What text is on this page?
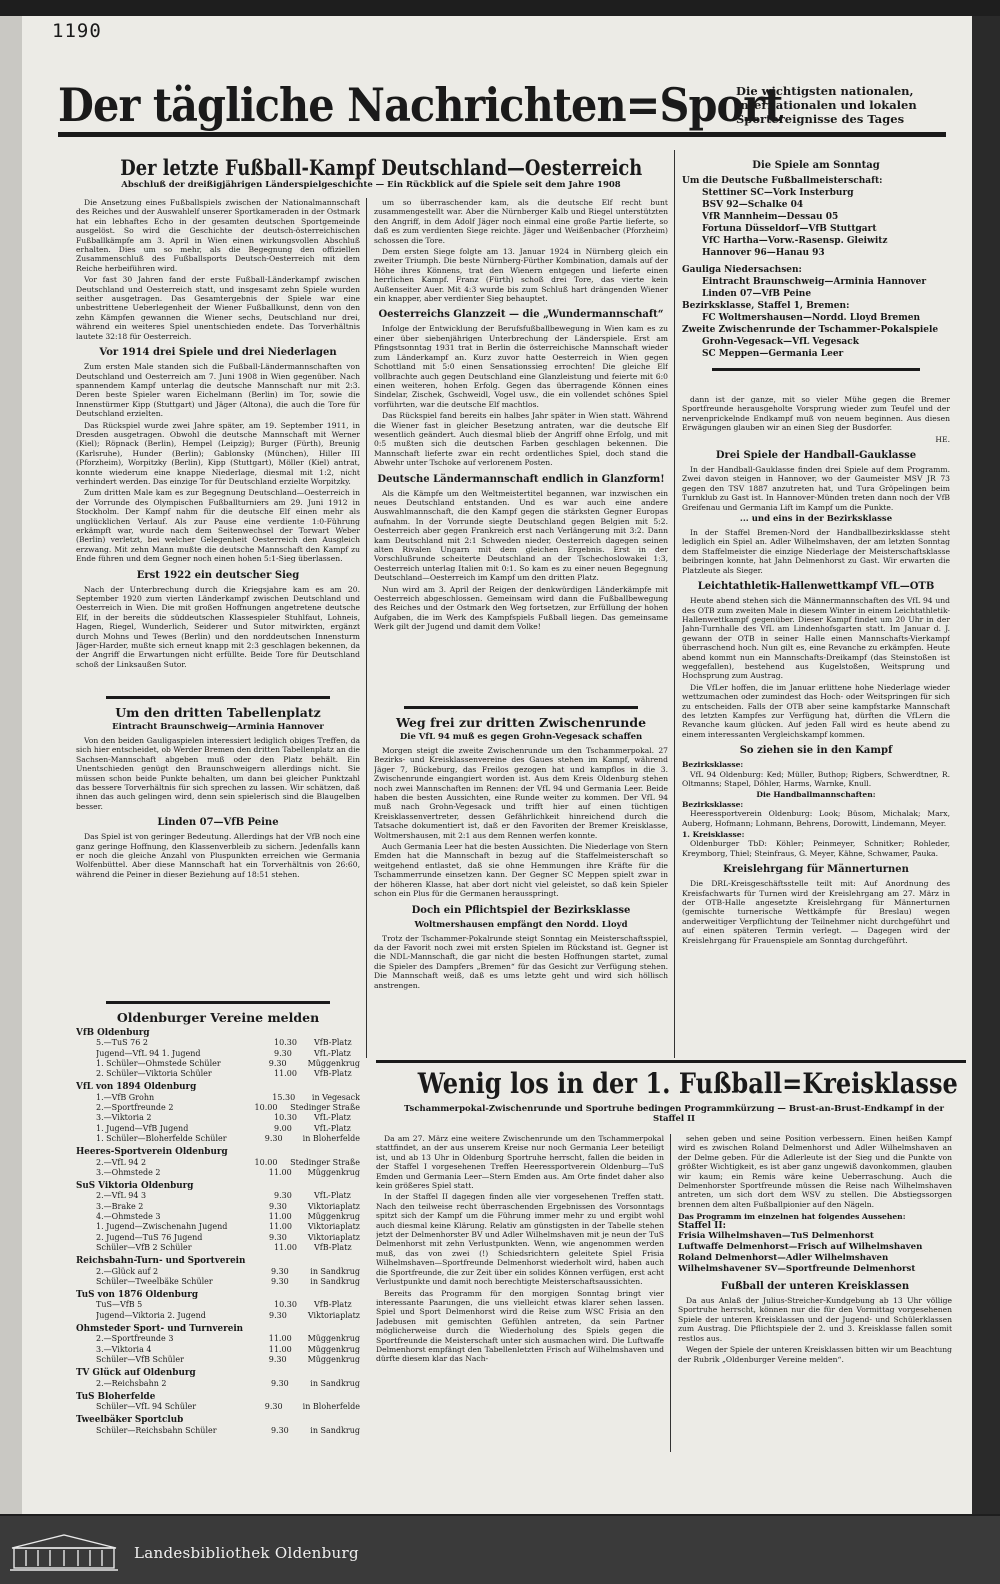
1190
Der tägliche Nachrichten=Sport
Die wichtigsten nationalen, internationalen und lokalen Sportereignisse des Tages
Der letzte Fußball-Kampf Deutschland—Oesterreich
Abschluß der dreißigjährigen Länderspielgeschichte — Ein Rückblick auf die Spiele seit dem Jahre 1908

Die Ansetzung eines Fußballspiels zwischen der Nationalmannschaft des Reiches und der Auswahlelf unserer Sportkameraden in der Ostmark hat ein lebhaftes Echo in der gesamten deutschen Sportgemeinde ausgelöst. So wird die Geschichte der deutsch-österreichischen Fußballkämpfe am 3. April in Wien einen wirkungsvollen Abschluß erhalten. Dies um so mehr, als die Begegnung den offiziellen Zusammenschluß des Fußballsports Deutsch-Oesterreich mit dem Reiche herbeiführen wird.

Vor fast 30 Jahren fand der erste Fußball-Länderkampf zwischen Deutschland und Oesterreich statt, und insgesamt zehn Spiele wurden seither ausgetragen. Das Gesamtergebnis der Spiele war eine unbestrittene Ueberlegenheit der Wiener Fußballkunst, denn von den zehn Kämpfen gewannen die Wiener sechs, Deutschland nur drei, während ein weiteres Spiel unentschieden endete. Das Torverhältnis lautete 32:18 für Oesterreich.

Vor 1914 drei Spiele und drei Niederlagen

Zum ersten Male standen sich die Fußball-Ländermannschaften von Deutschland und Oesterreich am 7. Juni 1908 in Wien gegenüber. Nach spannendem Kampf unterlag die deutsche Mannschaft nur mit 2:3. Deren beste Spieler waren Eichelmann (Berlin) im Tor, sowie die Innenstürmer Kipp (Stuttgart) und Jäger (Altona), die auch die Tore für Deutschland erzielten.

Das Rückspiel wurde zwei Jahre später, am 19. September 1911, in Dresden ausgetragen. Obwohl die deutsche Mannschaft mit Werner (Kiel); Röpnack (Berlin), Hempel (Leipzig); Burger (Fürth), Breunig (Karlsruhe), Hunder (Berlin); Gablonsky (München), Hiller III (Pforzheim), Worpitzky (Berlin), Kipp (Stuttgart), Möller (Kiel) antrat, konnte wiederum eine knappe Niederlage, diesmal mit 1:2, nicht verhindert werden. Das einzige Tor für Deutschland erzielte Worpitzky.

Zum dritten Male kam es zur Begegnung Deutschland—Oesterreich in der Vorrunde des Olympischen Fußballturniers am 29. Juni 1912 in Stockholm. Der Kampf nahm für die deutsche Elf einen mehr als unglücklichen Verlauf. Als zur Pause eine verdiente 1:0-Führung erkämpft war, wurde nach dem Seitenwechsel der Torwart Weber (Berlin) verletzt, bei welcher Gelegenheit Oesterreich den Ausgleich erzwang. Mit zehn Mann mußte die deutsche Mannschaft den Kampf zu Ende führen und dem Gegner noch einen hohen 5:1-Sieg überlassen.

Erst 1922 ein deutscher Sieg

Nach der Unterbrechung durch die Kriegsjahre kam es am 20. September 1920 zum vierten Länderkampf zwischen Deutschland und Oesterreich in Wien. Die mit großen Hoffnungen angetretene deutsche Elf, in der bereits die süddeutschen Klassespieler Stuhlfaut, Lohneis, Hagen, Riegel, Wunderlich, Seiderer und Sutor mitwirkten, ergänzt durch Mohns und Tewes (Berlin) und den norddeutschen Innensturm Jäger-Harder, mußte sich erneut knapp mit 2:3 geschlagen bekennen, da der Angriff die Erwartungen nicht erfüllte. Beide Tore für Deutschland schoß der Linksaußen Sutor.

Um den dritten Tabellenplatz
Eintracht Braunschweig—Arminia Hannover

Von den beiden Gauligaspielen interessiert lediglich obiges Treffen, da sich hier entscheidet, ob Werder Bremen den dritten Tabellenplatz an die Sachsen-Mannschaft abgeben muß oder den Platz behält. Ein Unentschieden genügt den Braunschweigern allerdings nicht. Sie müssen schon beide Punkte behalten, um dann bei gleicher Punktzahl das bessere Torverhältnis für sich sprechen zu lassen. Wir schätzen, daß ihnen das auch gelingen wird, denn sein spielerisch sind die Blaugelben besser.

Linden 07—VfB Peine

Das Spiel ist von geringer Bedeutung. Allerdings hat der VfB noch eine ganz geringe Hoffnung, den Klassenverbleib zu sichern. Jedenfalls kann er noch die gleiche Anzahl von Pluspunkten erreichen wie Germania Wolfenbüttel. Aber diese Mannschaft hat ein Torverhältnis von 26:60, während die Peiner in dieser Beziehung auf 18:51 stehen.

Oldenburger Vereine melden
VfB Oldenburg
5.—TuS 76 2	10.30	VfB-Platz
Jugend—VfL 94 1. Jugend	9.30	VfL-Platz
1. Schüler—Ohmstede Schüler	9.30	Müggenkrug
2. Schüler—Viktoria Schüler	11.00	VfB-Platz
VfL von 1894 Oldenburg
1.—VfB Grohn	15.30	in Vegesack
2.—Sportfreunde 2	10.00	Stedinger Straße
3.—Viktoria 2	10.30	VfL-Platz
1. Jugend—VfB Jugend	9.00	VfL-Platz
1. Schüler—Bloherfelde Schüler	9.30	in Bloherfelde
Heeres-Sportverein Oldenburg
2.—VfL 94 2	10.00	Stedinger Straße
3.—Ohmstede 2	11.00	Müggenkrug
SuS Viktoria Oldenburg
2.—VfL 94 3	9.30	VfL-Platz
3.—Brake 2	9.30	Viktoriaplatz
4.—Ohmstede 3	11.00	Müggenkrug
1. Jugend—Zwischenahn Jugend	11.00	Viktoriaplatz
2. Jugend—TuS 76 Jugend	9.30	Viktoriaplatz
Schüler—VfB 2 Schüler	11.00	VfB-Platz
Reichsbahn-Turn- und Sportverein
2.—Glück auf 2	9.30	in Sandkrug
Schüler—Tweelbäke Schüler	9.30	in Sandkrug
TuS von 1876 Oldenburg
TuS—VfB 5	10.30	VfB-Platz
Jugend—Viktoria 2. Jugend	9.30	Viktoriaplatz
Ohmsteder Sport- und Turnverein
2.—Sportfreunde 3	11.00	Müggenkrug
3.—Viktoria 4	11.00	Müggenkrug
Schüler—VfB Schüler	9.30	Müggenkrug
TV Glück auf Oldenburg
2.—Reichsbahn 2	9.30	in Sandkrug
TuS Bloherfelde
Schüler—VfL 94 Schüler	9.30	in Bloherfelde
Tweelbäker Sportclub
Schüler—Reichsbahn Schüler	9.30	in Sandkrug

um so überraschender kam, als die deutsche Elf recht bunt zusammengestellt war. Aber die Nürnberger Kalb und Riegel unterstützten den Angriff, in dem Adolf Jäger noch einmal eine große Partie lieferte, so daß es zum verdienten Siege reichte. Jäger und Weißenbacher (Pforzheim) schossen die Tore.

Dem ersten Siege folgte am 13. Januar 1924 in Nürnberg gleich ein zweiter Triumph. Die beste Nürnberg-Fürther Kombination, damals auf der Höhe ihres Könnens, trat den Wienern entgegen und lieferte einen herrlichen Kampf. Franz (Fürth) schoß drei Tore, das vierte kein Außenseiter Auer. Mit 4:3 wurde bis zum Schluß hart drängenden Wiener ein knapper, aber verdienter Sieg behauptet.

Oesterreichs Glanzzeit — die „Wundermannschaft“

Infolge der Entwicklung der Berufsfußballbewegung in Wien kam es zu einer über siebenjährigen Unterbrechung der Länderspiele. Erst am Pfingstsonntag 1931 trat in Berlin die österreichische Mannschaft wieder zum Länderkampf an. Kurz zuvor hatte Oesterreich in Wien gegen Schottland mit 5:0 einen Sensationssieg errochten! Die gleiche Elf vollbrachte auch gegen Deutschland eine Glanzleistung und feierte mit 6:0 einen weiteren, hohen Erfolg. Gegen das überragende Können eines Sindelar, Zischek, Gschweidl, Vogel usw., die ein vollendet schönes Spiel vorführten, war die deutsche Elf machtlos.

Das Rückspiel fand bereits ein halbes Jahr später in Wien statt. Während die Wiener fast in gleicher Besetzung antraten, war die deutsche Elf wesentlich geändert. Auch diesmal blieb der Angriff ohne Erfolg, und mit 0:5 mußten sich die deutschen Farben geschlagen bekennen. Die Mannschaft lieferte zwar ein recht ordentliches Spiel, doch stand die Abwehr unter Tschoke auf verlorenem Posten.

Deutsche Ländermannschaft endlich in Glanzform!

Als die Kämpfe um den Weltmeistertitel begannen, war inzwischen ein neues Deutschland entstanden. Und es war auch eine andere Auswahlmannschaft, die den Kampf gegen die stärksten Gegner Europas aufnahm. In der Vorrunde siegte Deutschland gegen Belgien mit 5:2. Oesterreich aber gegen Frankreich erst nach Verlängerung mit 3:2. Dann kam Deutschland mit 2:1 Schweden nieder, Oesterreich dagegen seinen alten Rivalen Ungarn mit dem gleichen Ergebnis. Erst in der Vorschlußrunde scheiterte Deutschland an der Tschechoslowakei 1:3, Oesterreich unterlag Italien mit 0:1. So kam es zu einer neuen Begegnung Deutschland—Oesterreich im Kampf um den dritten Platz.

Nun wird am 3. April der Reigen der denkwürdigen Länderkämpfe mit Oesterreich abgeschlossen. Gemeinsam wird dann die Fußballbewegung des Reiches und der Ostmark den Weg fortsetzen, zur Erfüllung der hohen Aufgaben, die im Werk des Kampfspiels Fußball liegen. Das gemeinsame Werk gilt der Jugend und damit dem Volke!

Weg frei zur dritten Zwischenrunde
Die VfL 94 muß es gegen Grohn-Vegesack schaffen

Morgen steigt die zweite Zwischenrunde um den Tschammerpokal. 27 Bezirks- und Kreisklassenvereine des Gaues stehen im Kampf, während Jäger 7, Bückeburg, das Freilos gezogen hat und kampflos in die 3. Zwischenrunde eingangiert worden ist. Aus dem Kreis Oldenburg stehen noch zwei Mannschaften im Rennen: der VfL 94 und Germania Leer. Beide haben die besten Aussichten, eine Runde weiter zu kommen. Der VfL 94 muß nach Grohn-Vegesack und trifft hier auf einen tüchtigen Kreisklassenvertreter, dessen Gefährlichkeit hinreichend durch die Tatsache dokumentiert ist, daß er den Favoriten der Bremer Kreisklasse, Woltmershausen, mit 2:1 aus dem Rennen werfen konnte.

Auch Germania Leer hat die besten Aussichten. Die Niederlage von Stern Emden hat die Mannschaft in bezug auf die Staffelmeisterschaft so weitgehend entlastet, daß sie ohne Hemmungen ihre Kräfte für die Tschammerrunde einsetzen kann. Der Gegner SC Meppen spielt zwar in der höheren Klasse, hat aber dort nicht viel geleistet, so daß kein Spieler schon ein Plus für die Germanen herausspringt.

Doch ein Pflichtspiel der Bezirksklasse
Woltmershausen empfängt den Nordd. Lloyd

Trotz der Tschammer-Pokalrunde steigt Sonntag ein Meisterschaftsspiel, da der Favorit noch zwei mit ersten Spielen im Rückstand ist. Gegner ist die NDL-Mannschaft, die gar nicht die besten Hoffnungen startet, zumal die Spieler des Dampfers „Bremen“ für das Gesicht zur Verfügung stehen. Die Mannschaft weiß, daß es ums letzte geht und wird sich höllisch anstrengen.

Die Spiele am Sonntag
Um die Deutsche Fußballmeisterschaft:
Stettiner SC—Vork Insterburg
BSV 92—Schalke 04
VfR Mannheim—Dessau 05
Fortuna Düsseldorf—VfB Stuttgart
VfC Hartha—Vorw.-Rasensp. Gleiwitz
Hannover 96—Hanau 93
Gauliga Niedersachsen:
Eintracht Braunschweig—Arminia Hannover
Linden 07—VfB Peine
Bezirksklasse, Staffel 1, Bremen:
FC Woltmershausen—Nordd. Lloyd Bremen
Zweite Zwischenrunde der Tschammer-Pokalspiele
Grohn-Vegesack—VfL Vegesack
SC Meppen—Germania Leer

dann ist der ganze, mit so vieler Mühe gegen die Bremer Sportfreunde herausgeholte Vorsprung wieder zum Teufel und der nervenprickelnde Endkampf muß von neuem beginnen. Aus diesen Erwägungen glauben wir an einen Sieg der Busdorfer.

HE.
Drei Spiele der Handball-Gauklasse

In der Handball-Gauklasse finden drei Spiele auf dem Programm. Zwei davon steigen in Hannover, wo der Gaumeister MSV JR 73 gegen den TSV 1887 anzutreten hat, und Tura Gröpelingen beim Turnklub zu Gast ist. In Hannover-Münden treten dann noch der VfB Greifenau und Germania Lift im Kampf um die Punkte.

... und eins in der Bezirksklasse

In der Staffel Bremen-Nord der Handballbezirksklasse steht lediglich ein Spiel an. Adler Wilhelmshaven, der am letzten Sonntag dem Staffelmeister die einzige Niederlage der Meisterschaftsklasse beibringen konnte, hat Jahn Delmenhorst zu Gast. Wir erwarten die Platzleute als Sieger.

Leichtathletik-Hallenwettkampf VfL—OTB

Heute abend stehen sich die Männermannschaften des VfL 94 und des OTB zum zweiten Male in diesem Winter in einem Leichtathletik-Hallenwettkampf gegenüber. Dieser Kampf findet um 20 Uhr in der Jahn-Turnhalle des VfL am Lindenhofsgarten statt. Im Januar d. J. gewann der OTB in seiner Halle einen Mannschafts-Vierkampf überraschend hoch. Nun gilt es, eine Revanche zu erkämpfen. Heute abend kommt nun ein Mannschafts-Dreikampf (das Steinstoßen ist weggefallen), bestehend aus Kugelstoßen, Weitsprung und Hochsprung zum Austrag.

Die VfLer hoffen, die im Januar erlittene hohe Niederlage wieder wettzumachen oder zumindest das Hoch- oder Weitspringen für sich zu entscheiden. Falls der OTB aber seine kampfstarke Mannschaft des letzten Kampfes zur Verfügung hat, dürften die VfLern die Revanche kaum glücken. Auf jeden Fall wird es heute abend zu einem interessanten Vergleichskampf kommen.

So ziehen sie in den Kampf
Bezirksklasse:

VfL 94 Oldenburg: Ked; Müller, Buthop; Rigbers, Schwerdtner, R. Oltmanns; Stapel, Döhler, Harms, Warnke, Knull.

Die Handballmannschaften:
Bezirksklasse:

Heeressportverein Oldenburg: Look; Büsom, Michalak; Marx, Auberg, Hofmann; Lohmann, Behrens, Dorowitt, Lindemann, Meyer.

1. Kreisklasse:

Oldenburger TbD: Köhler; Peinmeyer, Schnitker; Rohleder, Kreymborg, Thiel; Steinfraus, G. Meyer, Kähne, Schwamer, Pauka.

Kreislehrgang für Männerturnen

Die DRL-Kreisgeschäftsstelle teilt mit: Auf Anordnung des Kreisfachwarts für Turnen wird der Kreislehrgang am 27. März in der OTB-Halle angesetzte Kreislehrgang für Männerturnen (gemischte turnerische Wettkämpfe für Breslau) wegen anderweitiger Verpflichtung der Teilnehmer nicht durchgeführt und auf einen späteren Termin verlegt. — Dagegen wird der Kreislehrgang für Frauenspiele am Sonntag durchgeführt.

Wenig los in der 1. Fußball=Kreisklasse
Tschammerpokal-Zwischenrunde und Sportruhe bedingen Programmkürzung — Brust-an-Brust-Endkampf in der Staffel II

Da am 27. März eine weitere Zwischenrunde um den Tschammerpokal stattfindet, an der aus unserem Kreise nur noch Germania Leer beteiligt ist, und ab 13 Uhr in Oldenburg Sportruhe herrscht, fallen die beiden in der Staffel I vorgesehenen Treffen Heeressportverein Oldenburg—TuS Emden und Germania Leer—Stern Emden aus. Am Orte findet daher also kein größeres Spiel statt.

In der Staffel II dagegen finden alle vier vorgesehenen Treffen statt. Nach den teilweise recht überraschenden Ergebnissen des Vorsonntags spitzt sich der Kampf um die Führung immer mehr zu und ergibt wohl auch diesmal keine Klärung. Relativ am günstigsten in der Tabelle stehen jetzt der Delmenhorster BV und Adler Wilhelmshaven mit je neun der TuS Delmenhorst mit zehn Verlustpunkten. Wenn, wie angenommen werden muß, das von zwei (!) Schiedsrichtern geleitete Spiel Frisia Wilhelmshaven—Sportfreunde Delmenhorst wiederholt wird, haben auch die Sportfreunde, die zur Zeit über ein solides Können verfügen, erst acht Verlustpunkte und damit noch berechtigte Meisterschaftsaussichten.

Bereits das Programm für den morgigen Sonntag bringt vier interessante Paarungen, die uns vielleicht etwas klarer sehen lassen. Spiel und Sport Delmenhorst wird die Reise zum WSC Frisia an den Jadebusen mit gemischten Gefühlen antreten, da sein Partner möglicherweise durch die Wiederholung des Spiels gegen die Sportfreunde die Meisterschaft unter sich ausmachen wird. Die Luftwaffe Delmenhorst empfängt den Tabellenletzten Frisch auf Wilhelmshaven und dürfte diesem klar das Nach-

sehen geben und seine Position verbessern. Einen heißen Kampf wird es zwischen Roland Delmenhorst und Adler Wilhelmshaven an der Delme geben. Für die Adlerleute ist der Sieg und die Punkte von größter Wichtigkeit, es ist aber ganz ungewiß davonkommen, glauben wir kaum; ein Remis wäre keine Ueberraschung. Auch die Delmenhorster Sportfreunde müssen die Reise nach Wilhelmshaven antreten, um sich dort dem WSV zu stellen. Die Abstiegssorgen brennen dem alten Fußballpionier auf den Nägeln.

Das Programm im einzelnen hat folgendes Aussehen:
Staffel II:
Frisia Wilhelmshaven—TuS Delmenhorst
Luftwaffe Delmenhorst—Frisch auf Wilhelmshaven
Roland Delmenhorst—Adler Wilhelmshaven
Wilhelmshavener SV—Sportfreunde Delmenhorst
Fußball der unteren Kreisklassen

Da aus Anlaß der Julius-Streicher-Kundgebung ab 13 Uhr völlige Sportruhe herrscht, können nur die für den Vormittag vorgesehenen Spiele der unteren Kreisklassen und der Jugend- und Schülerklassen zum Austrag. Die Pflichtspiele der 2. und 3. Kreisklasse fallen somit restlos aus.

Wegen der Spiele der unteren Kreisklassen bitten wir um Beachtung der Rubrik „Oldenburger Vereine melden“.

Landesbibliothek Oldenburg
